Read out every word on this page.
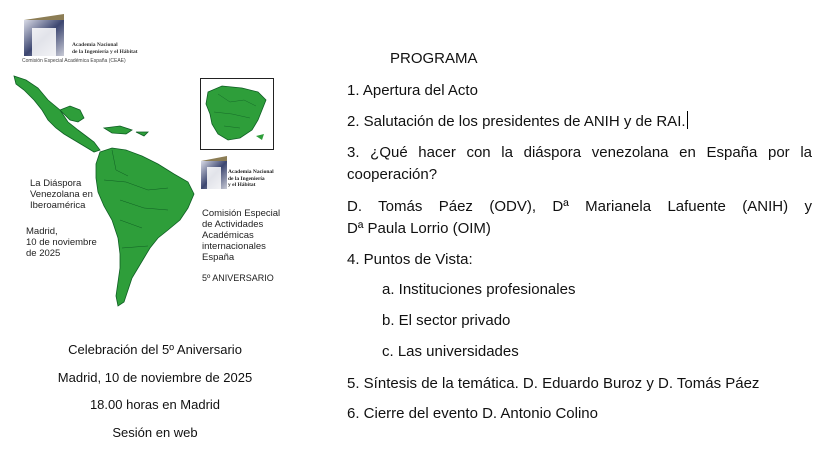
Academia Nacional
de la Ingeniería y el Hábitat
Comisión Especial Académica España (CEAE)
Academia Nacional
de la Ingeniería
y el Hábitat
La Diáspora
Venezolana en
Iberoamérica
Madrid,
10 de noviembre
de 2025
Comisión Especial
de Actividades
Académicas
internacionales
España
5º ANIVERSARIO
Celebración del 5º Aniversario
Madrid, 10 de noviembre de 2025
18.00 horas en Madrid
Sesión en web
PROGRAMA
1. Apertura del Acto
2. Salutación de los presidentes de ANIH y de RAI.
3. ¿Qué hacer con la diáspora venezolana en España por la
cooperación?
D. Tomás Páez (ODV), Dª Marianela Lafuente (ANIH) y
Dª Paula Lorrio (OIM)
4. Puntos de Vista:
a. Instituciones profesionales
b. El sector privado
c. Las universidades
5. Síntesis de la temática. D. Eduardo Buroz y D. Tomás Páez
6. Cierre del evento D. Antonio Colino
